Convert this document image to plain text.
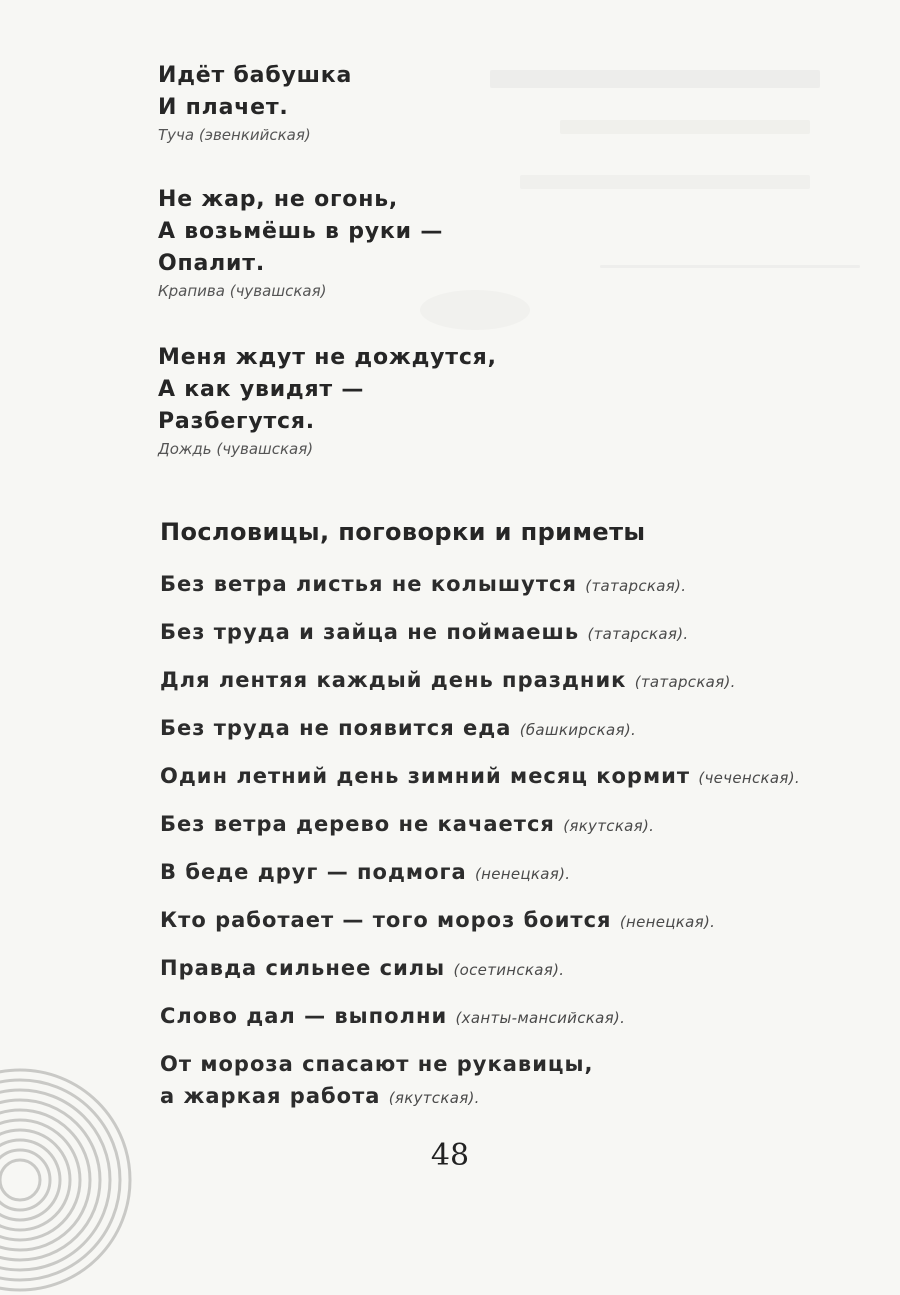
Идёт бабушка
И плачет.
Туча (эвенкийская)
Не жар, не огонь,
А возьмёшь в руки —
Опалит.
Крапива (чувашская)
Меня ждут не дождутся,
А как увидят —
Разбегутся.
Дождь (чувашская)
Пословицы, поговорки и приметы
Без ветра листья не колышутся (татарская).
Без труда и зайца не поймаешь (татарская).
Для лентяя каждый день праздник (татарская).
Без труда не появится еда (башкирская).
Один летний день зимний месяц кормит (чеченская).
Без ветра дерево не качается (якутская).
В беде друг — подмога (ненецкая).
Кто работает — того мороз боится (ненецкая).
Правда сильнее силы (осетинская).
Слово дал — выполни (ханты-мансийская).
От мороза спасают не рукавицы,
а жаркая работа (якутская).
48
